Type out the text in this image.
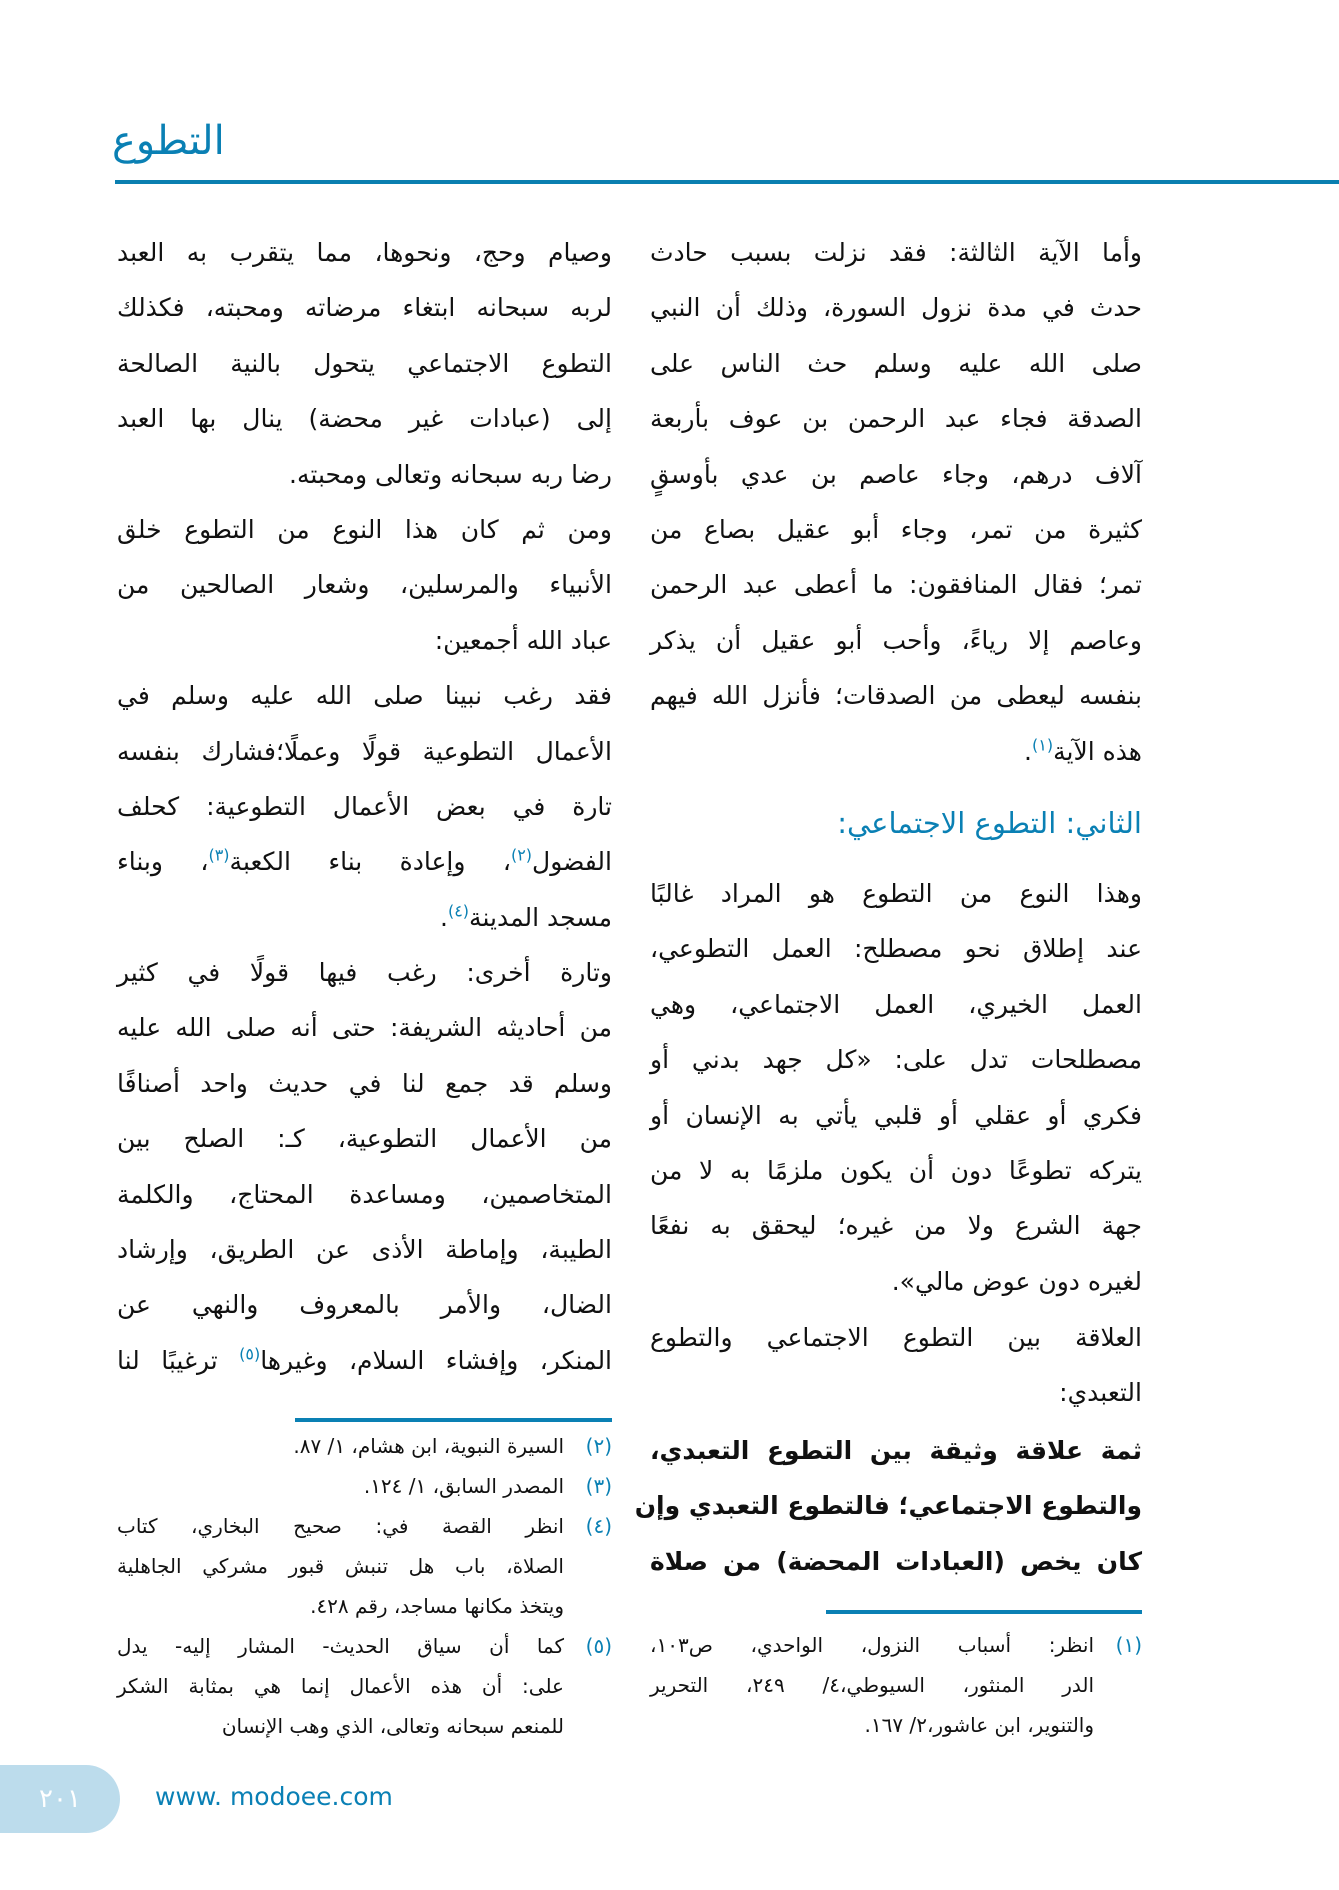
التطوع
وأما الآية الثالثة: فقد نزلت بسبب حادث
حدث في مدة نزول السورة، وذلك أن النبي
صلى الله عليه وسلم حث الناس على
الصدقة فجاء عبد الرحمن بن عوف بأربعة
آلاف درهم، وجاء عاصم بن عدي بأوسقٍ
كثيرة من تمر، وجاء أبو عقيل بصاع من
تمر؛ فقال المنافقون: ما أعطى عبد الرحمن
وعاصم إلا رياءً، وأحب أبو عقيل أن يذكر
بنفسه ليعطى من الصدقات؛ فأنزل الله فيهم
هذه الآية$^{(١)}$.
الثاني: التطوع الاجتماعي:
وهذا النوع من التطوع هو المراد غالبًا
عند إطلاق نحو مصطلح: العمل التطوعي،
العمل الخيري، العمل الاجتماعي، وهي
مصطلحات تدل على: «كل جهد بدني أو
فكري أو عقلي أو قلبي يأتي به الإنسان أو
يتركه تطوعًا دون أن يكون ملزمًا به لا من
جهة الشرع ولا من غيره؛ ليحقق به نفعًا
لغيره دون عوض مالي».
العلاقة بين التطوع الاجتماعي والتطوع
التعبدي:
ثمة علاقة وثيقة بين التطوع التعبدي،
والتطوع الاجتماعي؛ فالتطوع التعبدي وإن
كان يخص (العبادات المحضة) من صلاة
(١)
انظر: أسباب النزول، الواحدي، ص١٠٣،
الدر المنثور، السيوطي،٤/ ٢٤٩، التحرير
والتنوير، ابن عاشور،٢/ ١٦٧.
وصيام وحج، ونحوها، مما يتقرب به العبد
لربه سبحانه ابتغاء مرضاته ومحبته، فكذلك
التطوع الاجتماعي يتحول بالنية الصالحة
إلى (عبادات غير محضة) ينال بها العبد
رضا ربه سبحانه وتعالى ومحبته.
ومن ثم كان هذا النوع من التطوع خلق
الأنبياء والمرسلين، وشعار الصالحين من
عباد الله أجمعين:
فقد رغب نبينا صلى الله عليه وسلم في
الأعمال التطوعية قولًا وعملًا؛فشارك بنفسه
تارة في بعض الأعمال التطوعية: كحلف
الفضول$^{(٢)}$، وإعادة بناء الكعبة$^{(٣)}$، وبناء
مسجد المدينة$^{(٤)}$.
وتارة أخرى: رغب فيها قولًا في كثير
من أحاديثه الشريفة: حتى أنه صلى الله عليه
وسلم قد جمع لنا في حديث واحد أصنافًا
من الأعمال التطوعية، كـ: الصلح بين
المتخاصمين، ومساعدة المحتاج، والكلمة
الطيبة، وإماطة الأذى عن الطريق، وإرشاد
الضال، والأمر بالمعروف والنهي عن
المنكر، وإفشاء السلام، وغيرها$^{(٥)}$ ترغيبًا لنا
(٢)
السيرة النبوية، ابن هشام، ١/ ٨٧.
(٣)
المصدر السابق، ١/ ١٢٤.
(٤)
انظر القصة في: صحيح البخاري، كتاب
الصلاة، باب هل تنبش قبور مشركي الجاهلية
ويتخذ مكانها مساجد، رقم ٤٢٨.
(٥)
كما أن سياق الحديث- المشار إليه- يدل
على: أن هذه الأعمال إنما هي بمثابة الشكر
للمنعم سبحانه وتعالى، الذي وهب الإنسان
٢٠١	www. modoee.com
